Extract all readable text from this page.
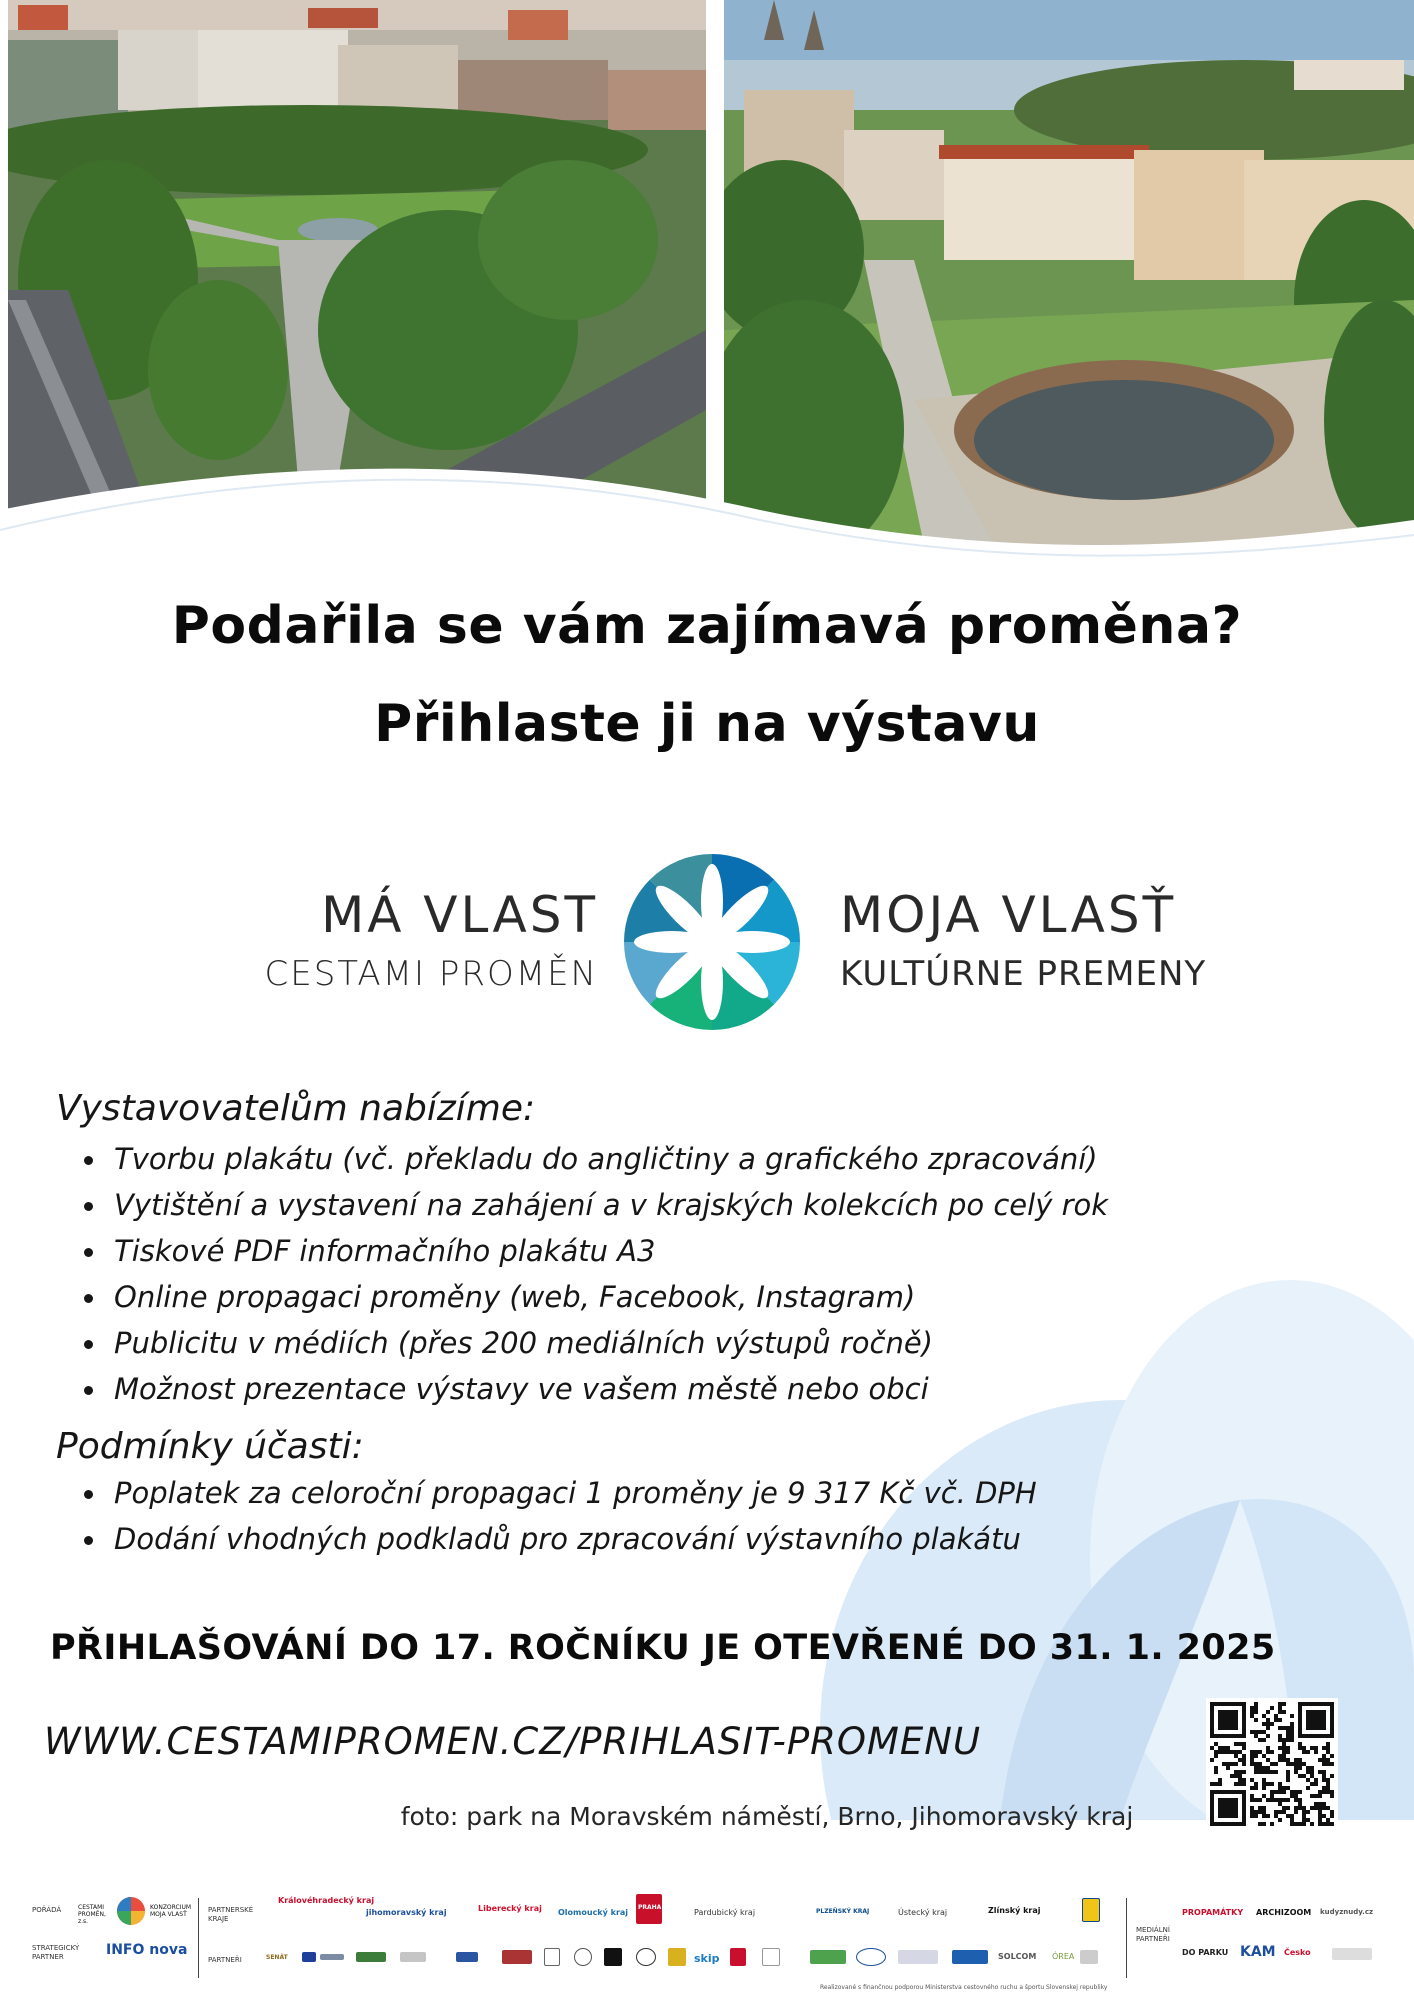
Podařila se vám zajímavá proměna?
Přihlaste ji na výstavu
MÁ VLAST
CESTAMI PROMĚN
MOJA VLASŤ
KULTÚRNE PREMENY
Vystavovatelům nabízíme:
Tvorbu plakátu (vč. překladu do angličtiny a grafického zpracování)
Vytištění a vystavení na zahájení a v krajských kolekcích po celý rok
Tiskové PDF informačního plakátu A3
Online propagaci proměny (web, Facebook, Instagram)
Publicitu v médiích (přes 200 mediálních výstupů ročně)
Možnost prezentace výstavy ve vašem městě nebo obci
Podmínky účasti:
Poplatek za celoroční propagaci 1 proměny je 9 317 Kč vč. DPH
Dodání vhodných podkladů pro zpracování výstavního plakátu
PŘIHLAŠOVÁNÍ DO 17. ROČNÍKU JE OTEVŘENÉ DO 31. 1. 2025
WWW.CESTAMIPROMEN.CZ/PRIHLASIT-PROMENU
foto: park na Moravském náměstí, Brno, Jihomoravský kraj
POŘÁDÁ
STRATEGICKÝ PARTNER
CESTAMI PROMĚN, z.s.
KONZORCIUM MOJA VLASŤ
INFO nova
PARTNERSKÉ KRAJE
PARTNEŘI
Královéhradecký kraj
jihomoravský kraj	Liberecký kraj Olomoucký kraj
PRAHA
Pardubický kraj	PLZEŇSKÝ KRAJ	Ústecký kraj	Zlínský kraj
SENÁT	skip	SOLCOM ÓREA
Realizované s finančnou podporou Ministerstva cestovného ruchu a športu Slovenskej republiky
MEDIÁLNÍ PARTNEŘI
PROPAMÁTKY ARCHIZOOM kudyznudy.cz
DO PARKU KAM Česko
